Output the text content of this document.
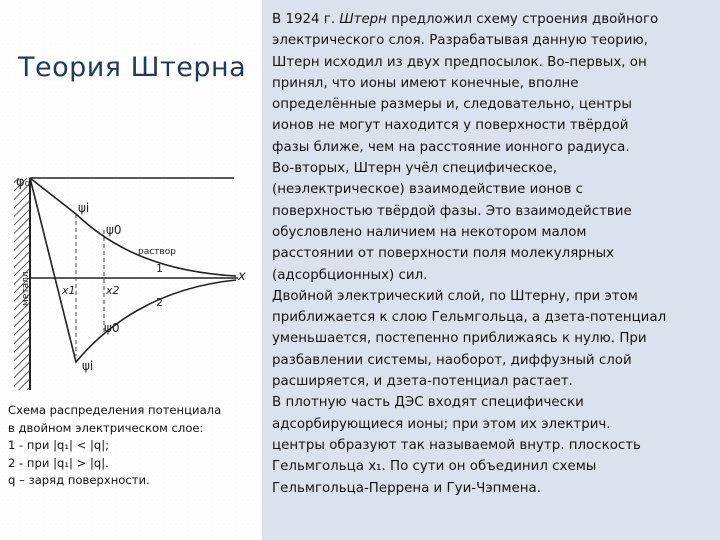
Теория Штерна
металл
φ₀
x
ψi
ψ0
раствор
x1	x2
1
2
ψ0
ψi
Схема распределения потенциала
в двойном электрическом слое:
1 - при |q₁| < |q|;
2 - при |q₁| > |q|.
q – заряд поверхности.
В 1924 г. Штерн предложил схему строения двойного
электрического слоя. Разрабатывая данную теорию,
Штерн исходил из двух предпосылок. Во-первых, он
принял, что ионы имеют конечные, вполне
определённые размеры и, следовательно, центры
ионов не могут находится у поверхности твёрдой
фазы ближе, чем на расстояние ионного радиуса.
Во-вторых, Штерн учёл специфическое,
(неэлектрическое) взаимодействие ионов с
поверхностью твёрдой фазы. Это взаимодействие
обусловлено наличием на некотором малом
расстоянии от поверхности поля молекулярных
(адсорбционных) сил.
Двойной электрический слой, по Штерну, при этом
приближается к слою Гельмгольца, а дзета-потенциал
уменьшается, постепенно приближаясь к нулю. При
разбавлении системы, наоборот, диффузный слой
расширяется, и дзета-потенциал растает.
В плотную часть ДЭС входят специфически
адсорбирующиеся ионы; при этом их электрич.
центры образуют так называемой внутр. плоскость
Гельмгольца x₁. По сути он объединил схемы
Гельмгольца-Перрена и Гуи-Чэпмена.
